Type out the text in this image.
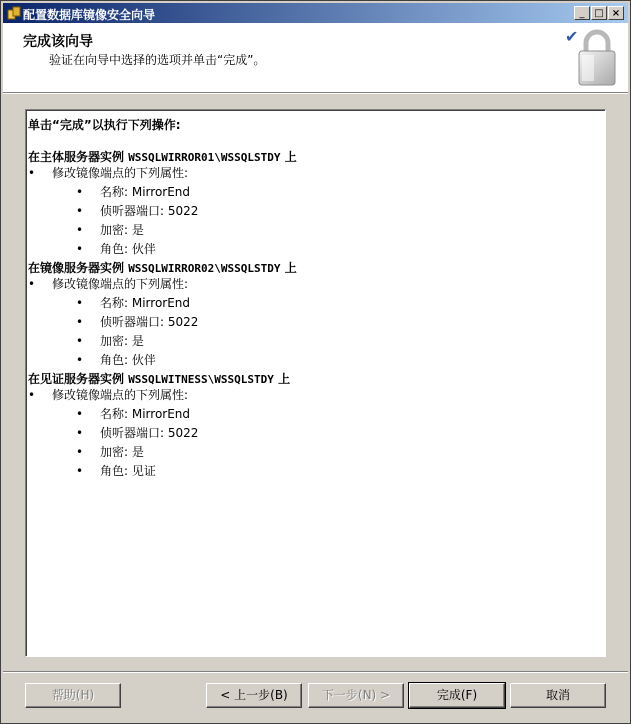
配置数据库镜像安全向导	_ □ ×
完成该向导
验证在向导中选择的选项并单击“完成”。
✔
单击“完成”以执行下列操作:
在主体服务器实例 WSSQLWIRROR01\WSSQLSTDY 上
• 修改镜像端点的下列属性:
• 名称: MirrorEnd
• 侦听器端口: 5022
• 加密: 是
• 角色: 伙伴
在镜像服务器实例 WSSQLWIRROR02\WSSQLSTDY 上
• 修改镜像端点的下列属性:
• 名称: MirrorEnd
• 侦听器端口: 5022
• 加密: 是
• 角色: 伙伴
在见证服务器实例 WSSQLWITNESS\WSSQLSTDY 上
• 修改镜像端点的下列属性:
• 名称: MirrorEnd
• 侦听器端口: 5022
• 加密: 是
• 角色: 见证
帮助(H)	< 上一步(B)	下一步(N) >	完成(F)	取消
